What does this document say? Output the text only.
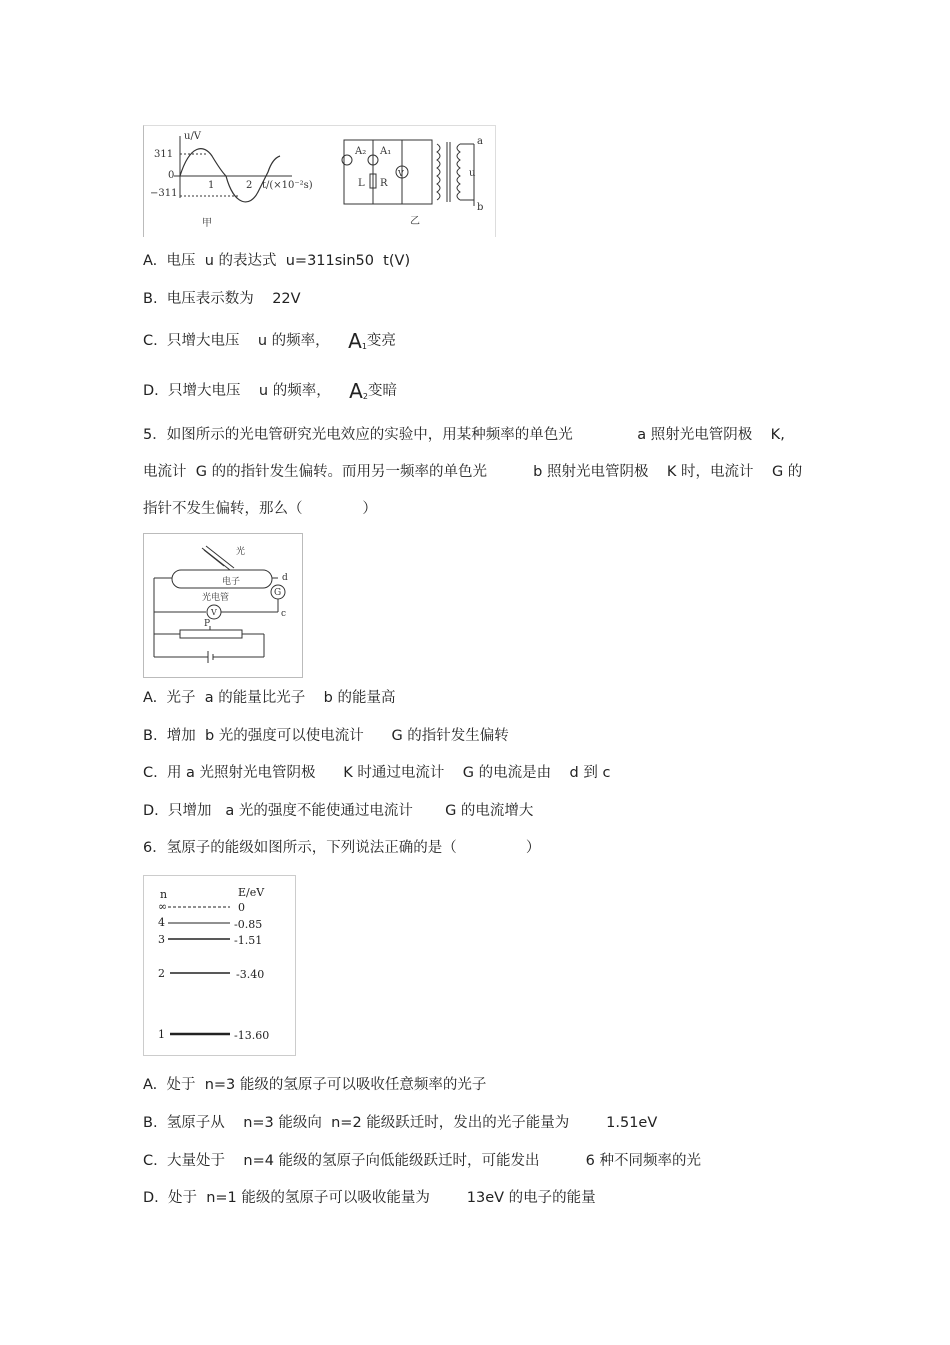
u/V
311
0
−311
1	2 t/(×10⁻²s)
甲
a
b
u
A₂ A₁
L R
V
乙
A.  电压  u 的表达式  u=311sin50  t(V)
B.  电压表示数为    22V
C.  只增大电压    u 的频率， $A_1$变亮
D.  只增大电压    u 的频率， $A_2$变暗
5．如图所示的光电管研究光电效应的实验中，用某种频率的单色光              a 照射光电管阴极    K,
电流计  G 的的指针发生偏转。而用另一频率的单色光          b 照射光电管阴极    K 时，电流计    G 的
指针不发生偏转，那么（             ）
光
电子
光电管	G
V	c
d
P
A.  光子  a 的能量比光子    b 的能量高
B.  增加  b 光的强度可以使电流计      G 的指针发生偏转
C.  用 a 光照射光电管阴极      K 时通过电流计    G 的电流是由    d 到 c
D.  只增加   a 光的强度不能使通过电流计       G 的电流增大
6．氢原子的能级如图所示，下列说法正确的是（               ）
n	E/eV
∞	0
4	-0.85
3	-1.51
2	-3.40
1	-13.60
A.  处于  n=3 能级的氢原子可以吸收任意频率的光子
B.  氢原子从    n=3 能级向  n=2 能级跃迁时，发出的光子能量为        1.51eV
C.  大量处于    n=4 能级的氢原子向低能级跃迁时，可能发出          6 种不同频率的光
D.  处于  n=1 能级的氢原子可以吸收能量为        13eV 的电子的能量
